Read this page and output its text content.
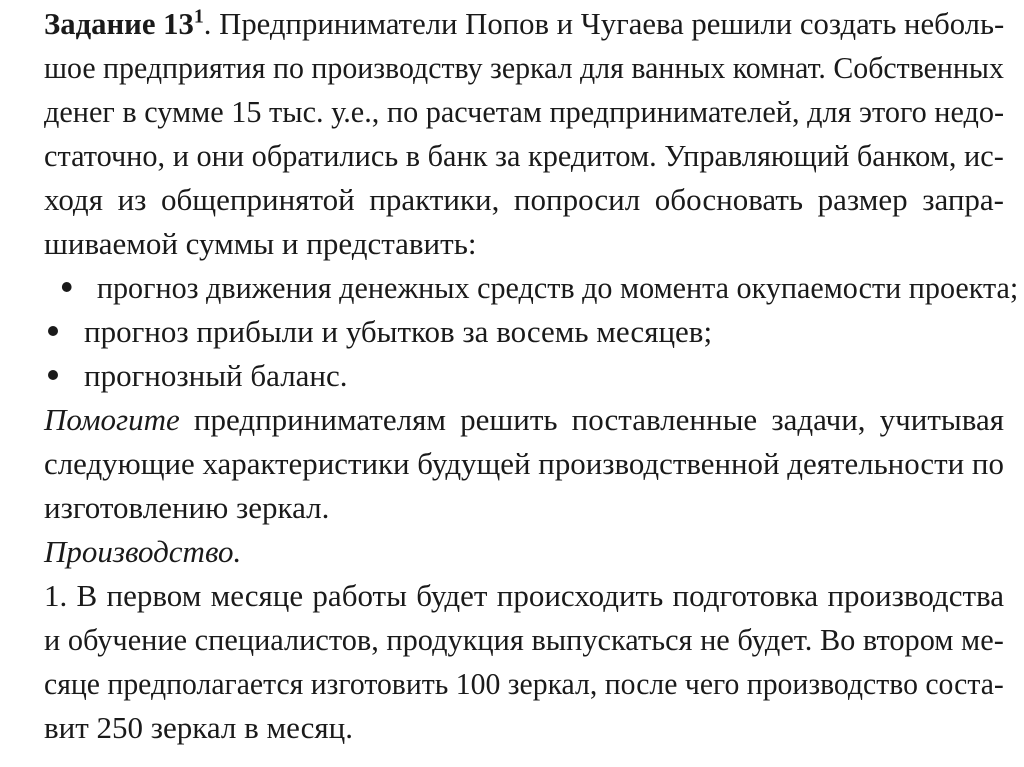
Задание $13^1$. Предприниматели Попов и Чугаева решили создать неболь-
шое предприятия по производству зеркал для ванных комнат. Собственных
денег в сумме 15 тыс. у.е., по расчетам предпринимателей, для этого недо-
статочно, и они обратились в банк за кредитом. Управляющий банком, ис-
ходя из общепринятой практики, попросил обосновать размер запра-
шиваемой суммы и представить:
прогноз движения денежных средств до момента окупаемости проекта;
прогноз прибыли и убытков за восемь месяцев;
прогнозный баланс.
Помогите предпринимателям решить поставленные задачи, учитывая
следующие характеристики будущей производственной деятельности по
изготовлению зеркал.
Производство.
1. В первом месяце работы будет происходить подготовка производства
и обучение специалистов, продукция выпускаться не будет. Во втором ме-
сяце предполагается изготовить 100 зеркал, после чего производство соста-
вит 250 зеркал в месяц.
